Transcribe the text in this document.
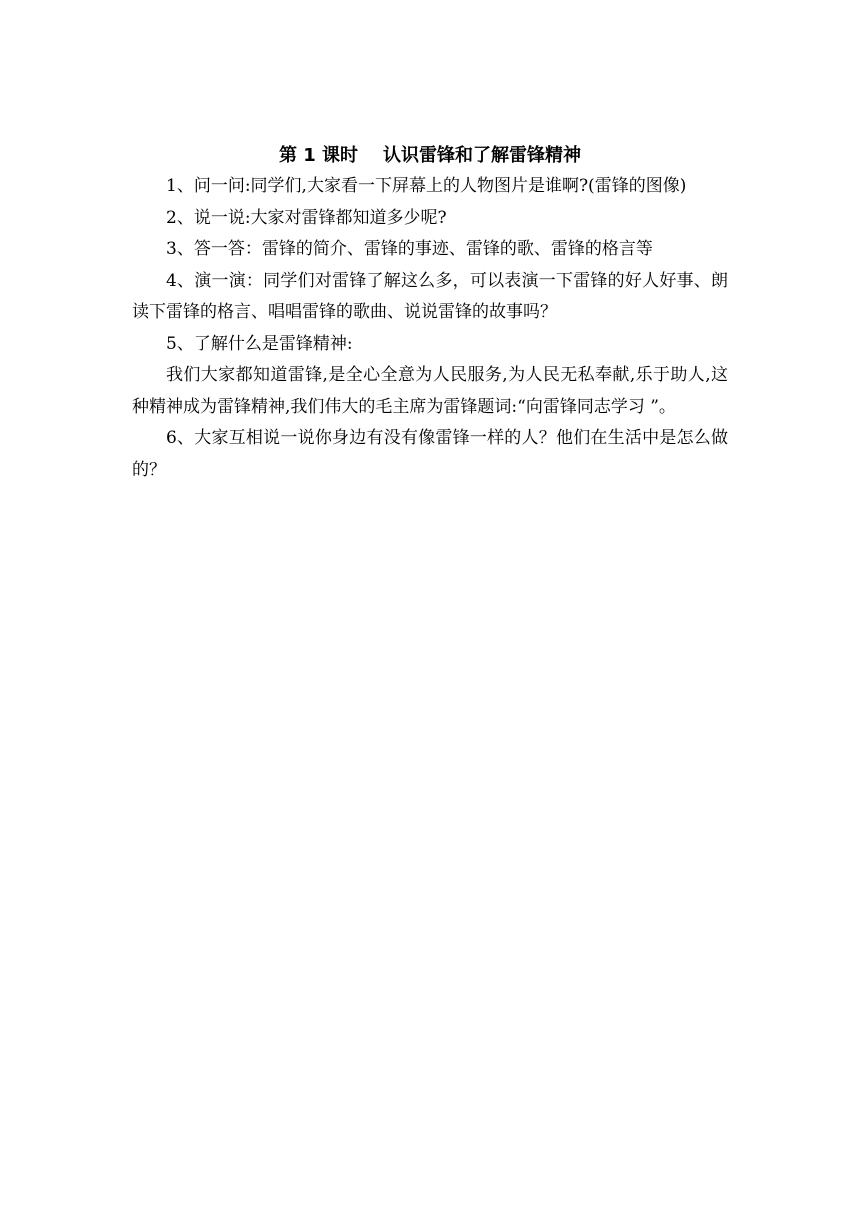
第 1 课时    认识雷锋和了解雷锋精神

1、问一问:同学们,大家看一下屏幕上的人物图片是谁啊?(雷锋的图像)

2、说一说:大家对雷锋都知道多少呢?

3、答一答：雷锋的简介、雷锋的事迹、雷锋的歌、雷锋的格言等

4、演一演：同学们对雷锋了解这么多，可以表演一下雷锋的好人好事、朗读下雷锋的格言、唱唱雷锋的歌曲、说说雷锋的故事吗？

5、了解什么是雷锋精神:

我们大家都知道雷锋,是全心全意为人民服务,为人民无私奉献,乐于助人,这种精神成为雷锋精神,我们伟大的毛主席为雷锋题词:“向雷锋同志学习 ”。

6、大家互相说一说你身边有没有像雷锋一样的人？他们在生活中是怎么做的？
